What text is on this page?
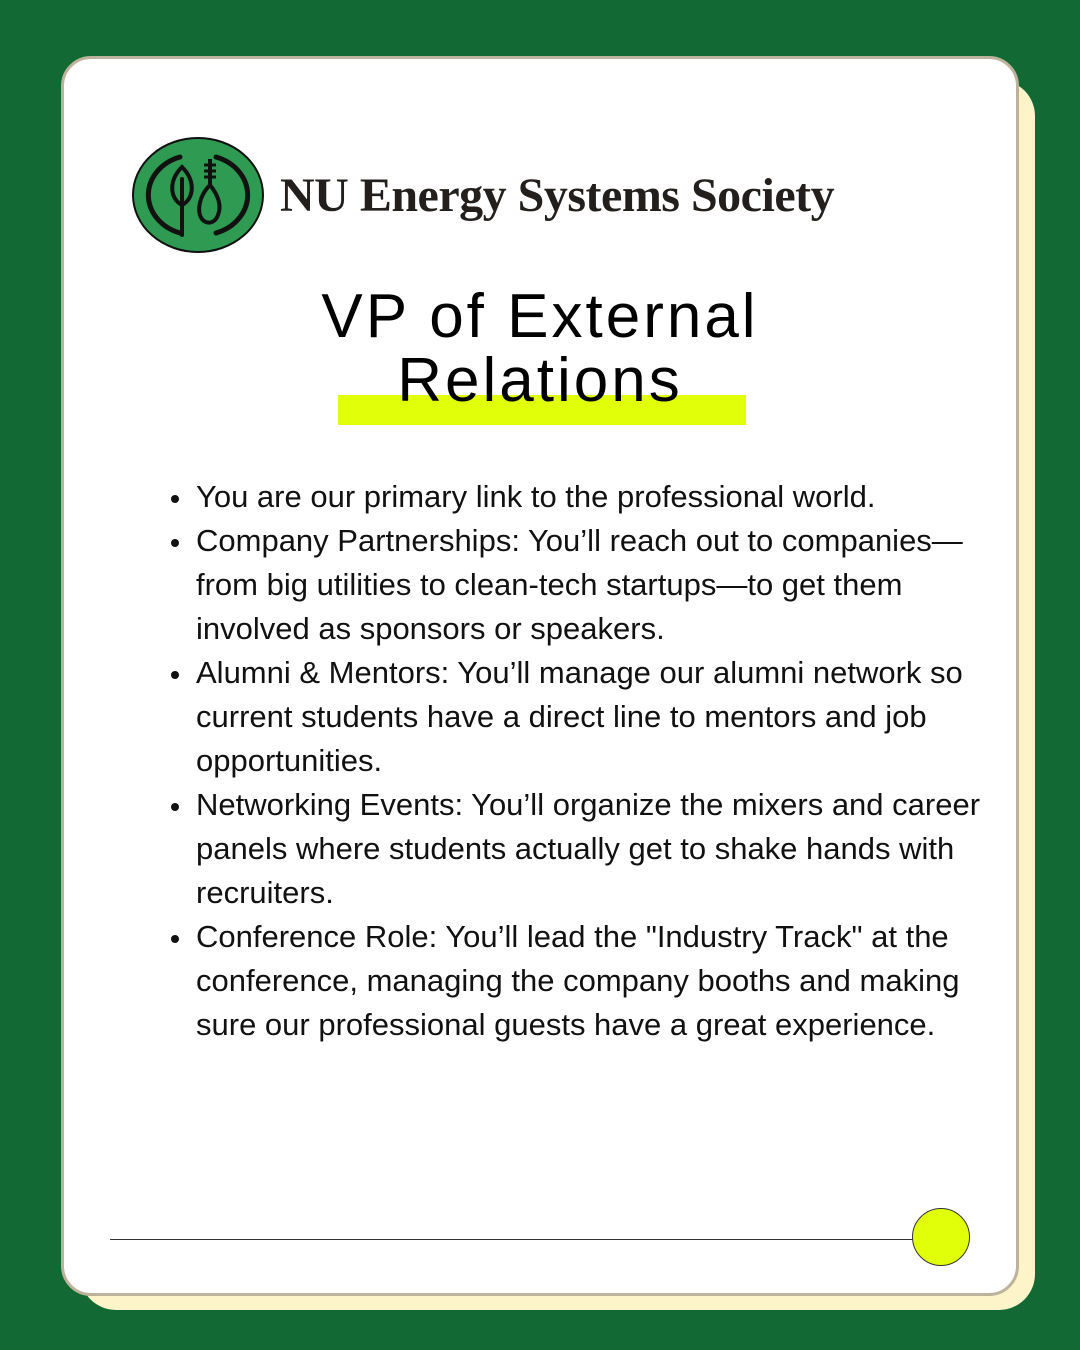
NU Energy Systems Society

VP of External

Relations

• You are our primary link to the professional world.
• Company Partnerships: You’ll reach out to companies—from big utilities to clean-tech startups—to get them involved as sponsors or speakers.
• Alumni & Mentors: You’ll manage our alumni network so current students have a direct line to mentors and job opportunities.
• Networking Events: You’ll organize the mixers and career panels where students actually get to shake hands with recruiters.
• Conference Role: You’ll lead the "Industry Track" at the conference, managing the company booths and making sure our professional guests have a great experience.
